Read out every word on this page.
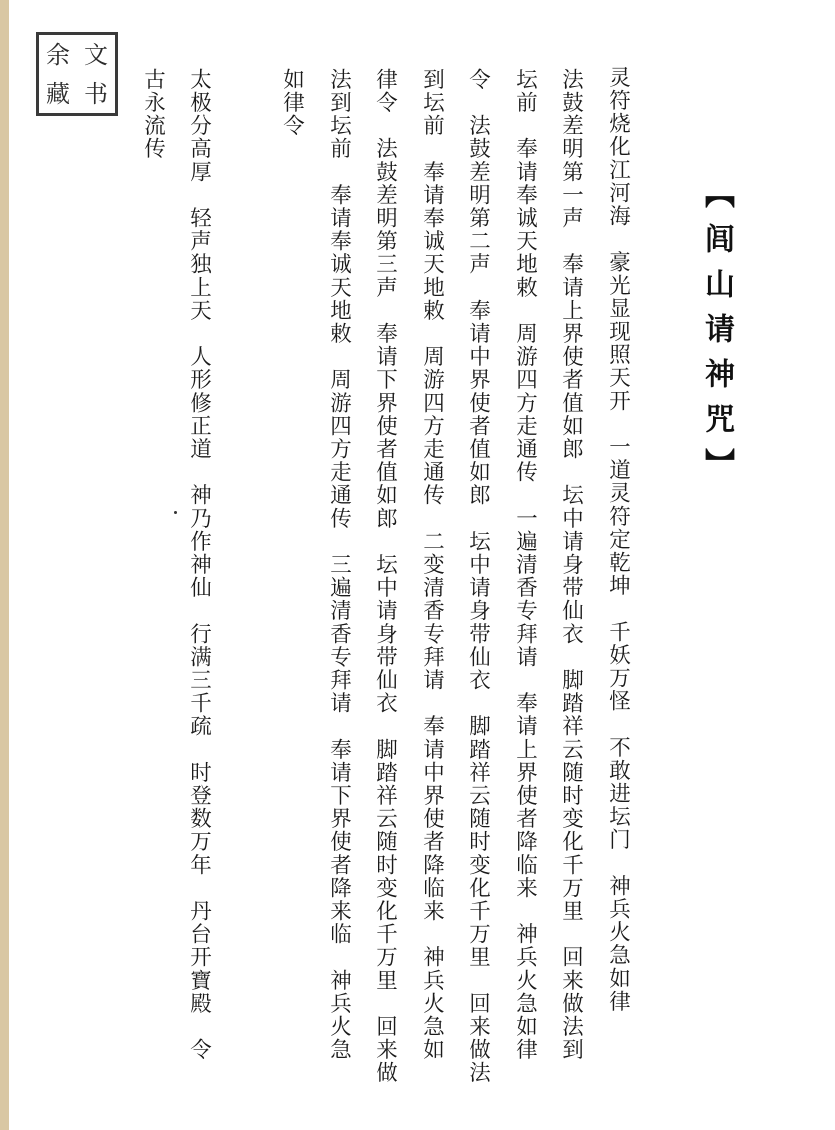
余 文
藏 书
【闾山请神咒】
灵符烧化江河海　豪光显现照天开　一道灵符定乾坤　千妖万怪　不敢进坛门　神兵火急如律
法鼓差明第一声　奉请上界使者值如郎　坛中请身带仙衣　脚踏祥云随时变化千万里　回来做法到
坛前　奉请奉诚天地敕　周游四方走通传　一遍清香专拜请　奉请上界使者降临来　神兵火急如律
令　法鼓差明第二声　奉请中界使者值如郎　坛中请身带仙衣　脚踏祥云随时变化千万里　回来做法
到坛前　奉请奉诚天地敕　周游四方走通传　二变清香专拜请　奉请中界使者降临来　神兵火急如
律令　法鼓差明第三声　奉请下界使者值如郎　坛中请身带仙衣　脚踏祥云随时变化千万里　回来做
法到坛前　奉请奉诚天地敕　周游四方走通传　三遍清香专拜请　奉请下界使者降来临　神兵火急
如律令
太极分高厚　轻声独上天　人形修正道　神乃作神仙　行满三千疏　时登数万年　丹台开寶殿　令
古永流传
